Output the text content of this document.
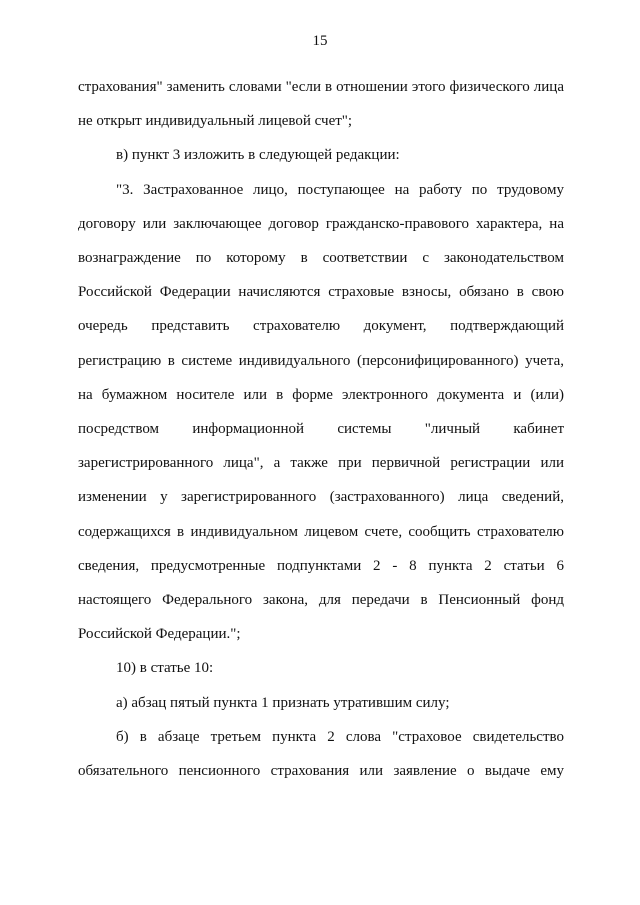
15

страхования" заменить словами "если в отношении этого физического лица

не открыт индивидуальный лицевой счет";

в) пункт 3 изложить в следующей редакции:

"3. Застрахованное лицо, поступающее на работу по трудовому

договору или заключающее договор гражданско-правового характера, на

вознаграждение по которому в соответствии с законодательством

Российской Федерации начисляются страховые взносы, обязано в свою

очередь представить страхователю документ, подтверждающий

регистрацию в системе индивидуального (персонифицированного) учета,

на бумажном носителе или в форме электронного документа и (или)

посредством информационной системы "личный кабинет

зарегистрированного лица", а также при первичной регистрации или

изменении у зарегистрированного (застрахованного) лица сведений,

содержащихся в индивидуальном лицевом счете, сообщить страхователю

сведения, предусмотренные подпунктами 2 - 8 пункта 2 статьи 6

настоящего Федерального закона, для передачи в Пенсионный фонд

Российской Федерации.";

10) в статье 10:

а) абзац пятый пункта 1 признать утратившим силу;

б) в абзаце третьем пункта 2 слова "страховое свидетельство

обязательного пенсионного страхования или заявление о выдаче ему
